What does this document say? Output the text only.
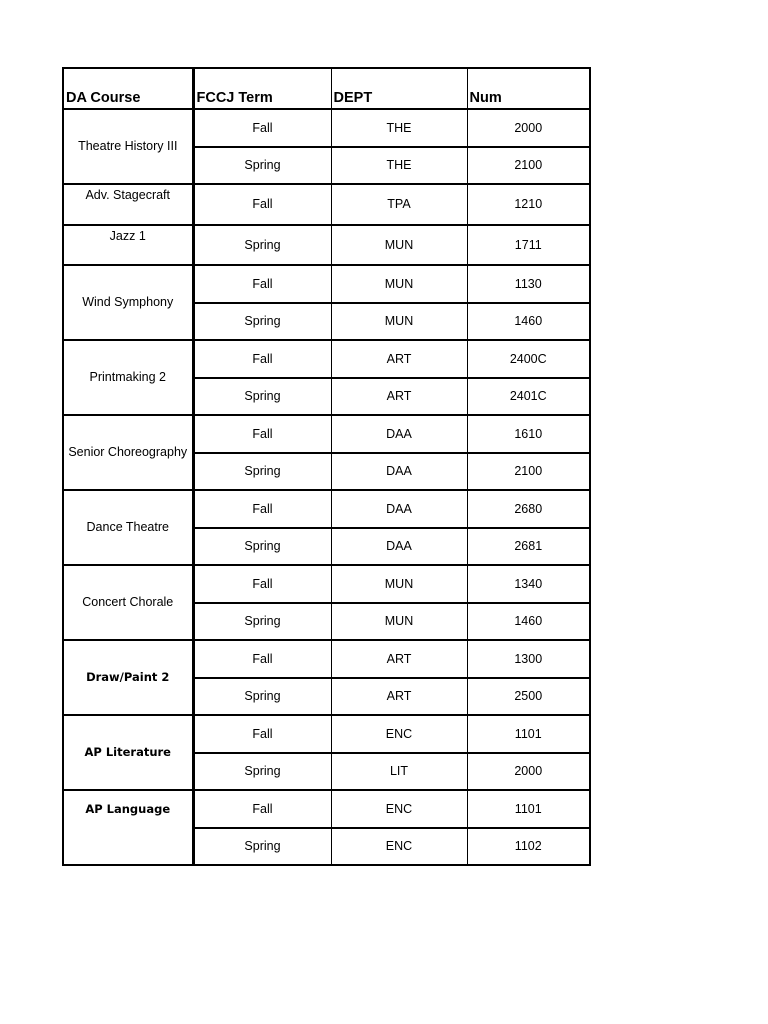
DA Course	FCCJ Term	DEPT	Num
Theatre History III	Fall	THE	2000
	Spring	THE	2100
Adv. Stagecraft	Fall	TPA	1210
Jazz 1	Spring	MUN	1711
Wind Symphony	Fall	MUN	1130
	Spring	MUN	1460
Printmaking 2	Fall	ART	2400C
	Spring	ART	2401C
Senior Choreography	Fall	DAA	1610
	Spring	DAA	2100
Dance Theatre	Fall	DAA	2680
	Spring	DAA	2681
Concert Chorale	Fall	MUN	1340
	Spring	MUN	1460
Draw/Paint 2	Fall	ART	1300
	Spring	ART	2500
AP Literature	Fall	ENC	1101
	Spring	LIT	2000
AP Language	Fall	ENC	1101
	Spring	ENC	1102
